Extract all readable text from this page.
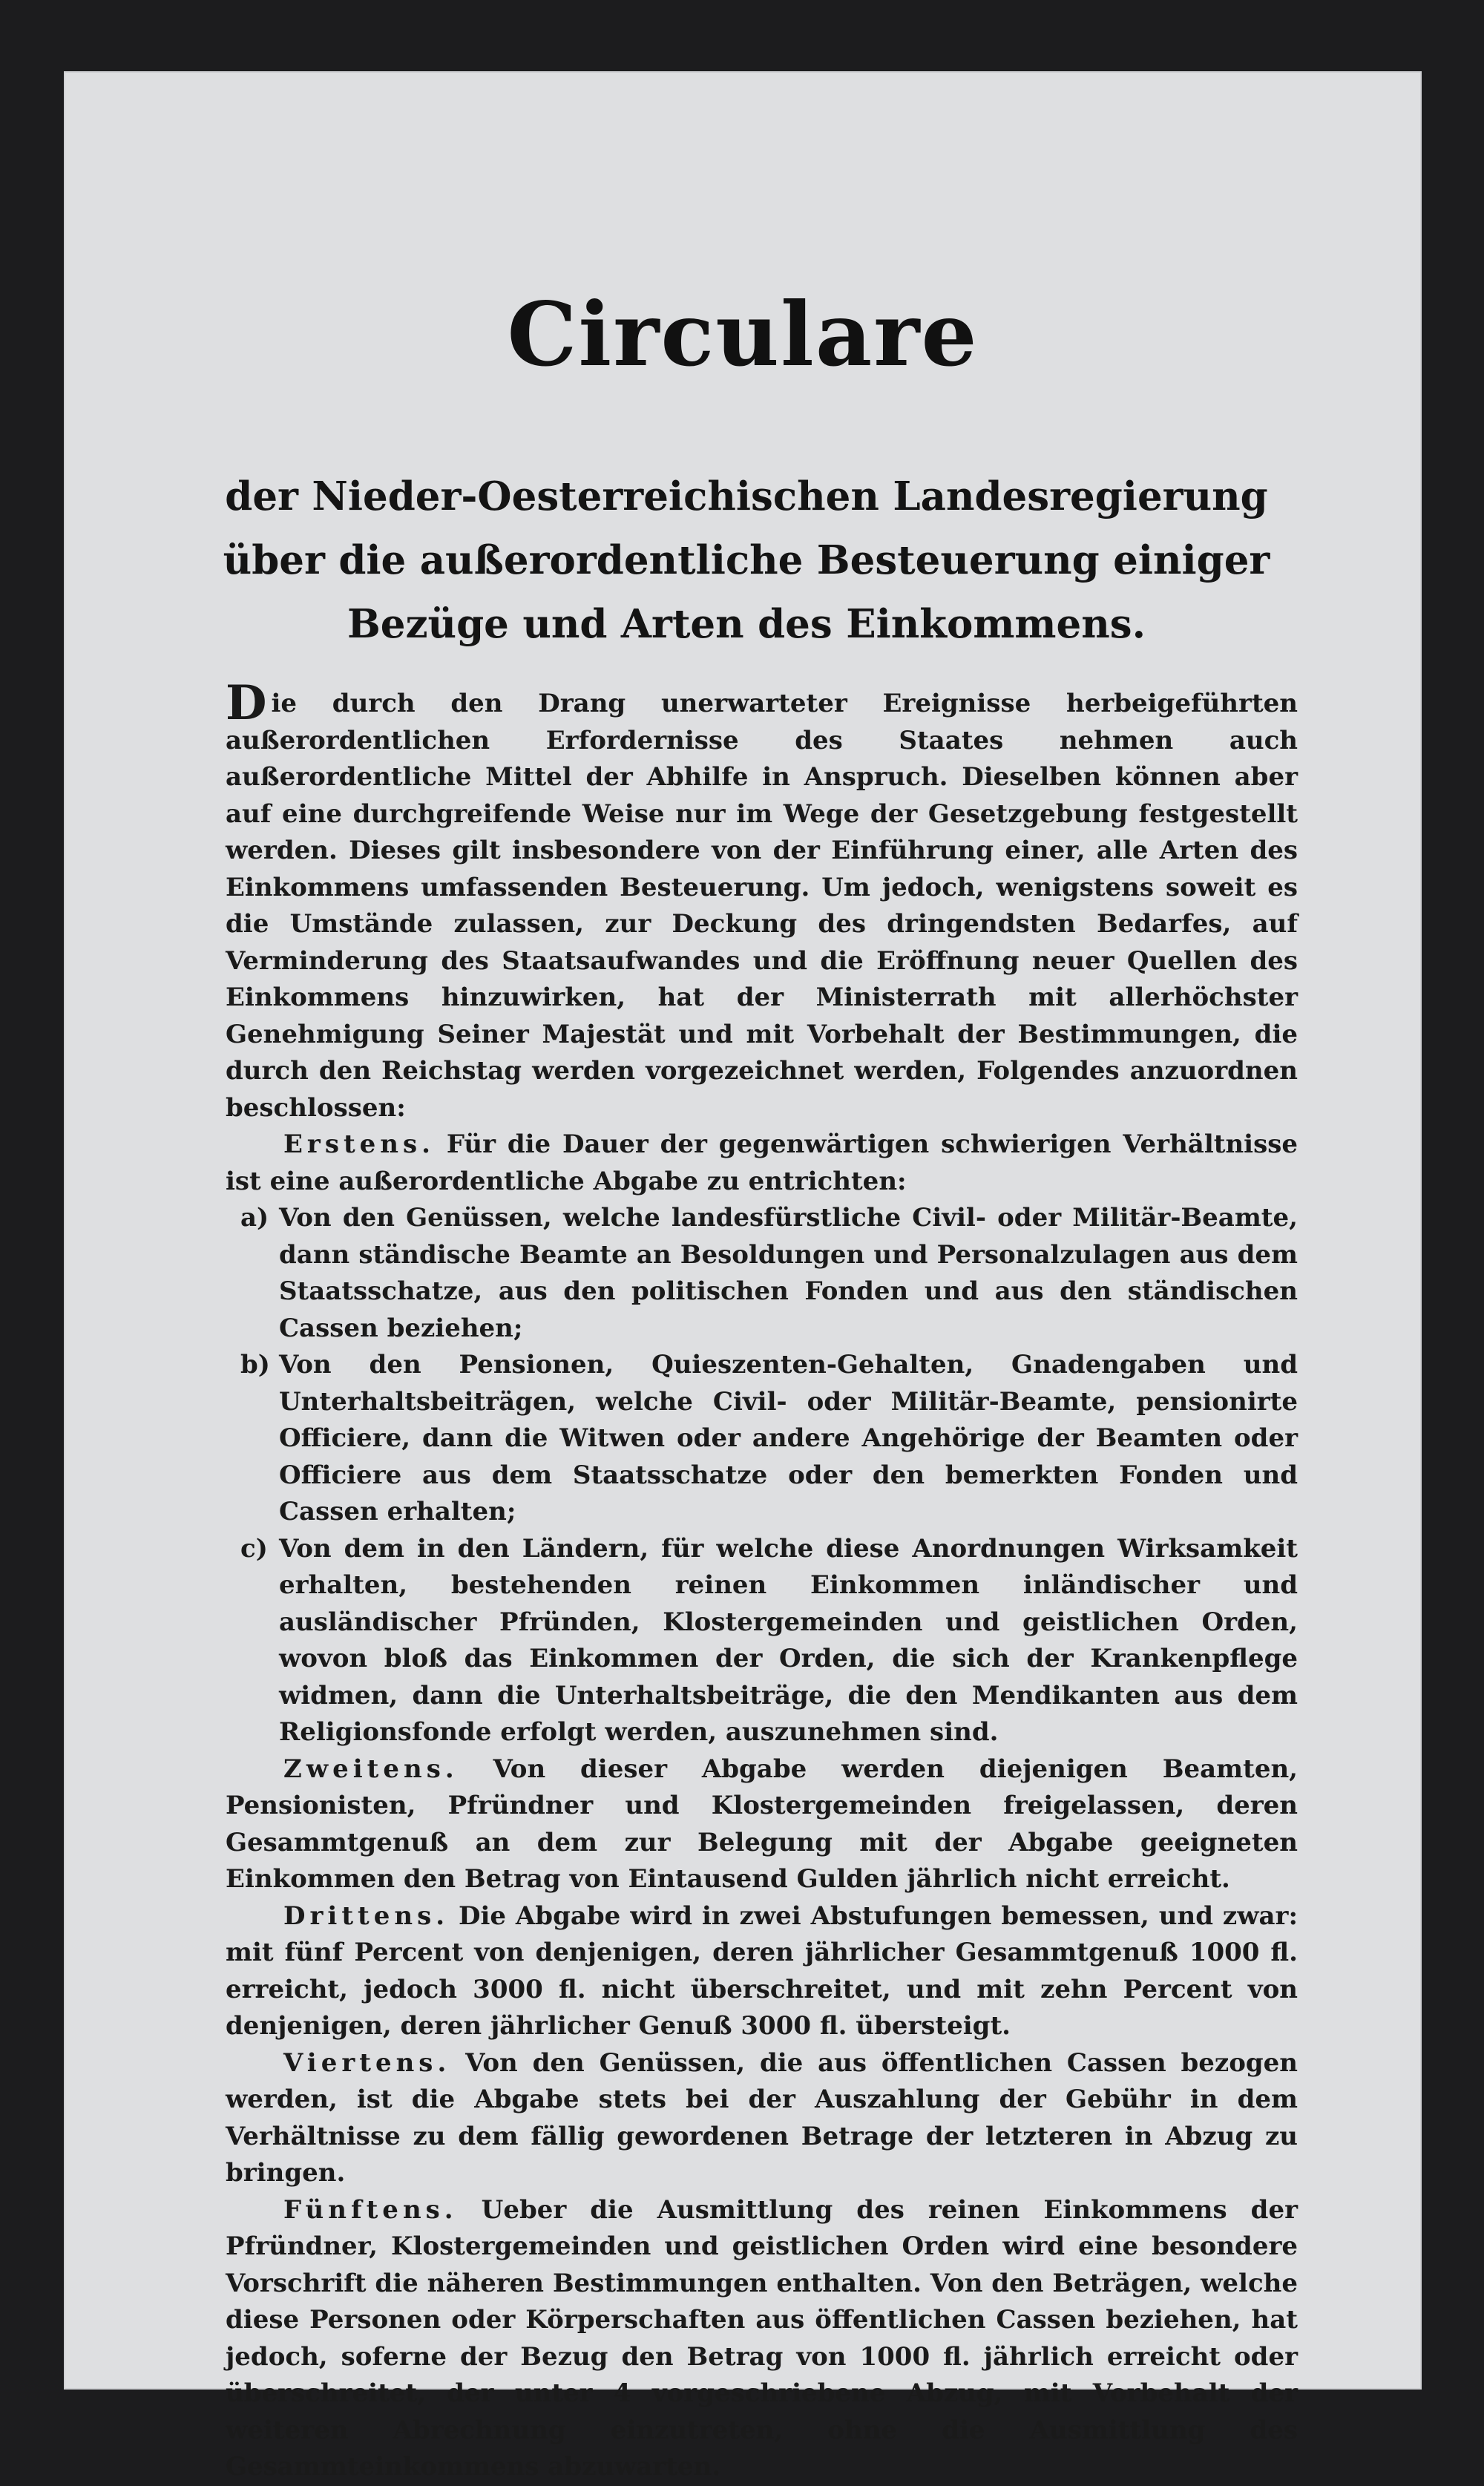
Circulare
der Nieder-Oesterreichischen Landesregierung über die außerordentliche Besteuerung einiger Bezüge und Arten des Einkommens.

Die durch den Drang unerwarteter Ereignisse herbeigeführten außerordentlichen Erfordernisse des Staates nehmen auch außerordentliche Mittel der Abhilfe in Anspruch. Dieselben können aber auf eine durchgreifende Weise nur im Wege der Gesetzgebung festgestellt werden. Dieses gilt insbesondere von der Einführung einer, alle Arten des Einkommens umfassenden Besteuerung. Um jedoch, wenigstens soweit es die Umstände zulassen, zur Deckung des dringendsten Bedarfes, auf Verminderung des Staatsaufwandes und die Eröffnung neuer Quellen des Einkommens hinzuwirken, hat der Ministerrath mit allerhöchster Genehmigung Seiner Majestät und mit Vorbehalt der Bestimmungen, die durch den Reichstag werden vorgezeichnet werden, Folgendes anzuordnen beschlossen:

Erstens. Für die Dauer der gegenwärtigen schwierigen Verhältnisse ist eine außerordentliche Abgabe zu entrichten:

a) Von den Genüssen, welche landesfürstliche Civil- oder Militär-Beamte, dann ständische Beamte an Besoldungen und Personalzulagen aus dem Staatsschatze, aus den politischen Fonden und aus den ständischen Cassen beziehen;
b) Von den Pensionen, Quieszenten-Gehalten, Gnadengaben und Unterhaltsbeiträgen, welche Civil- oder Militär-Beamte, pensionirte Officiere, dann die Witwen oder andere Angehörige der Beamten oder Officiere aus dem Staatsschatze oder den bemerkten Fonden und Cassen erhalten;
c) Von dem in den Ländern, für welche diese Anordnungen Wirksamkeit erhalten, bestehenden reinen Einkommen inländischer und ausländischer Pfründen, Klostergemeinden und geistlichen Orden, wovon bloß das Einkommen der Orden, die sich der Krankenpflege widmen, dann die Unterhaltsbeiträge, die den Mendikanten aus dem Religionsfonde erfolgt werden, auszunehmen sind.

Zweitens. Von dieser Abgabe werden diejenigen Beamten, Pensionisten, Pfründner und Klostergemeinden freigelassen, deren Gesammtgenuß an dem zur Belegung mit der Abgabe geeigneten Einkommen den Betrag von Eintausend Gulden jährlich nicht erreicht.

Drittens. Die Abgabe wird in zwei Abstufungen bemessen, und zwar: mit fünf Percent von denjenigen, deren jährlicher Gesammtgenuß 1000 fl. erreicht, jedoch 3000 fl. nicht überschreitet, und mit zehn Percent von denjenigen, deren jährlicher Genuß 3000 fl. übersteigt.

Viertens. Von den Genüssen, die aus öffentlichen Cassen bezogen werden, ist die Abgabe stets bei der Auszahlung der Gebühr in dem Verhältnisse zu dem fällig gewordenen Betrage der letzteren in Abzug zu bringen.

Fünftens. Ueber die Ausmittlung des reinen Einkommens der Pfründner, Klostergemeinden und geistlichen Orden wird eine besondere Vorschrift die näheren Bestimmungen enthalten. Von den Beträgen, welche diese Personen oder Körperschaften aus öffentlichen Cassen beziehen, hat jedoch, soferne der Bezug den Betrag von 1000 fl. jährlich erreicht oder überschreitet, der unter 4 vorgeschriebene Abzug, mit Vorbehalt der weiteren Abrechnung einzutreten, ohne die Ausmittlung des Gesammteinkommens abzuwarten.
